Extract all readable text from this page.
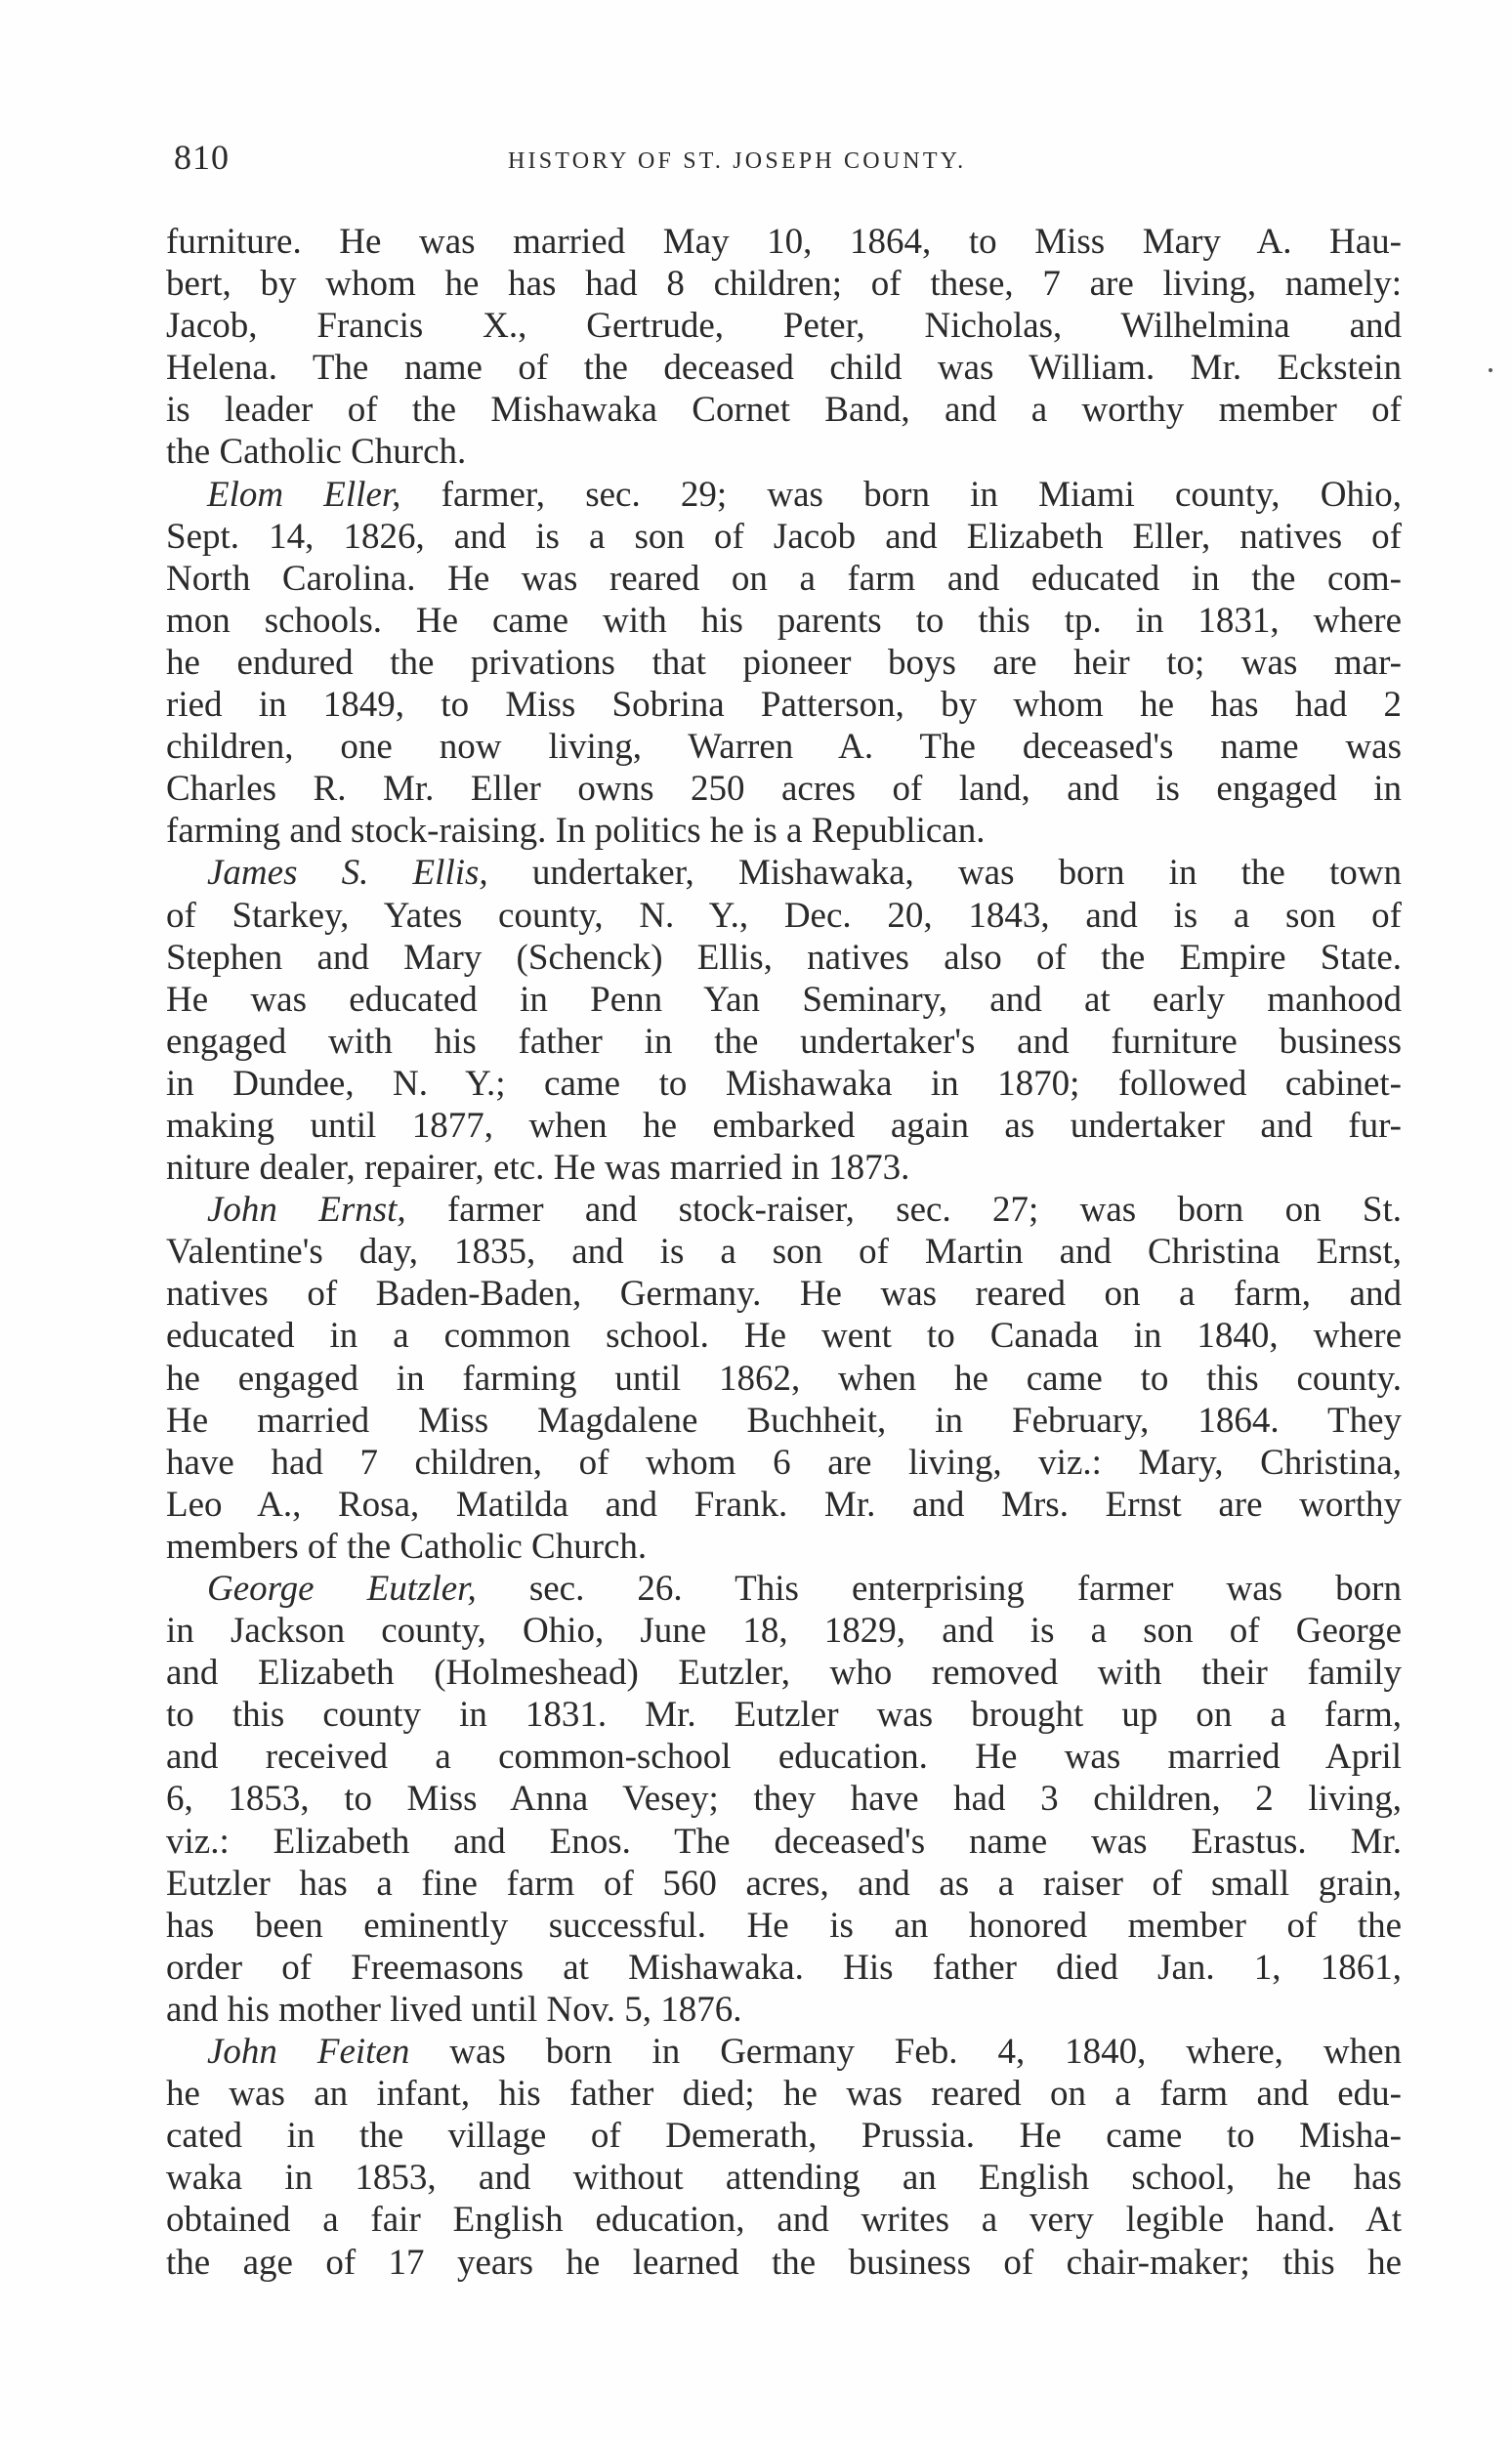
810	HISTORY OF ST. JOSEPH COUNTY.
furniture. He was married May 10, 1864, to Miss Mary A. Hau-
bert, by whom he has had 8 children; of these, 7 are living, namely:
Jacob, Francis X., Gertrude, Peter, Nicholas, Wilhelmina and
Helena. The name of the deceased child was William. Mr. Eckstein
is leader of the Mishawaka Cornet Band, and a worthy member of
the Catholic Church.
Elom Eller, farmer, sec. 29; was born in Miami county, Ohio,
Sept. 14, 1826, and is a son of Jacob and Elizabeth Eller, natives of
North Carolina. He was reared on a farm and educated in the com-
mon schools. He came with his parents to this tp. in 1831, where
he endured the privations that pioneer boys are heir to; was mar-
ried in 1849, to Miss Sobrina Patterson, by whom he has had 2
children, one now living, Warren A. The deceased's name was
Charles R. Mr. Eller owns 250 acres of land, and is engaged in
farming and stock-raising. In politics he is a Republican.
James S. Ellis, undertaker, Mishawaka, was born in the town
of Starkey, Yates county, N. Y., Dec. 20, 1843, and is a son of
Stephen and Mary (Schenck) Ellis, natives also of the Empire State.
He was educated in Penn Yan Seminary, and at early manhood
engaged with his father in the undertaker's and furniture business
in Dundee, N. Y.; came to Mishawaka in 1870; followed cabinet-
making until 1877, when he embarked again as undertaker and fur-
niture dealer, repairer, etc. He was married in 1873.
John Ernst, farmer and stock-raiser, sec. 27; was born on St.
Valentine's day, 1835, and is a son of Martin and Christina Ernst,
natives of Baden-Baden, Germany. He was reared on a farm, and
educated in a common school. He went to Canada in 1840, where
he engaged in farming until 1862, when he came to this county.
He married Miss Magdalene Buchheit, in February, 1864. They
have had 7 children, of whom 6 are living, viz.: Mary, Christina,
Leo A., Rosa, Matilda and Frank. Mr. and Mrs. Ernst are worthy
members of the Catholic Church.
George Eutzler, sec. 26. This enterprising farmer was born
in Jackson county, Ohio, June 18, 1829, and is a son of George
and Elizabeth (Holmeshead) Eutzler, who removed with their family
to this county in 1831. Mr. Eutzler was brought up on a farm,
and received a common-school education. He was married April
6, 1853, to Miss Anna Vesey; they have had 3 children, 2 living,
viz.: Elizabeth and Enos. The deceased's name was Erastus. Mr.
Eutzler has a fine farm of 560 acres, and as a raiser of small grain,
has been eminently successful. He is an honored member of the
order of Freemasons at Mishawaka. His father died Jan. 1, 1861,
and his mother lived until Nov. 5, 1876.
John Feiten was born in Germany Feb. 4, 1840, where, when
he was an infant, his father died; he was reared on a farm and edu-
cated in the village of Demerath, Prussia. He came to Misha-
waka in 1853, and without attending an English school, he has
obtained a fair English education, and writes a very legible hand. At
the age of 17 years he learned the business of chair-maker; this he
